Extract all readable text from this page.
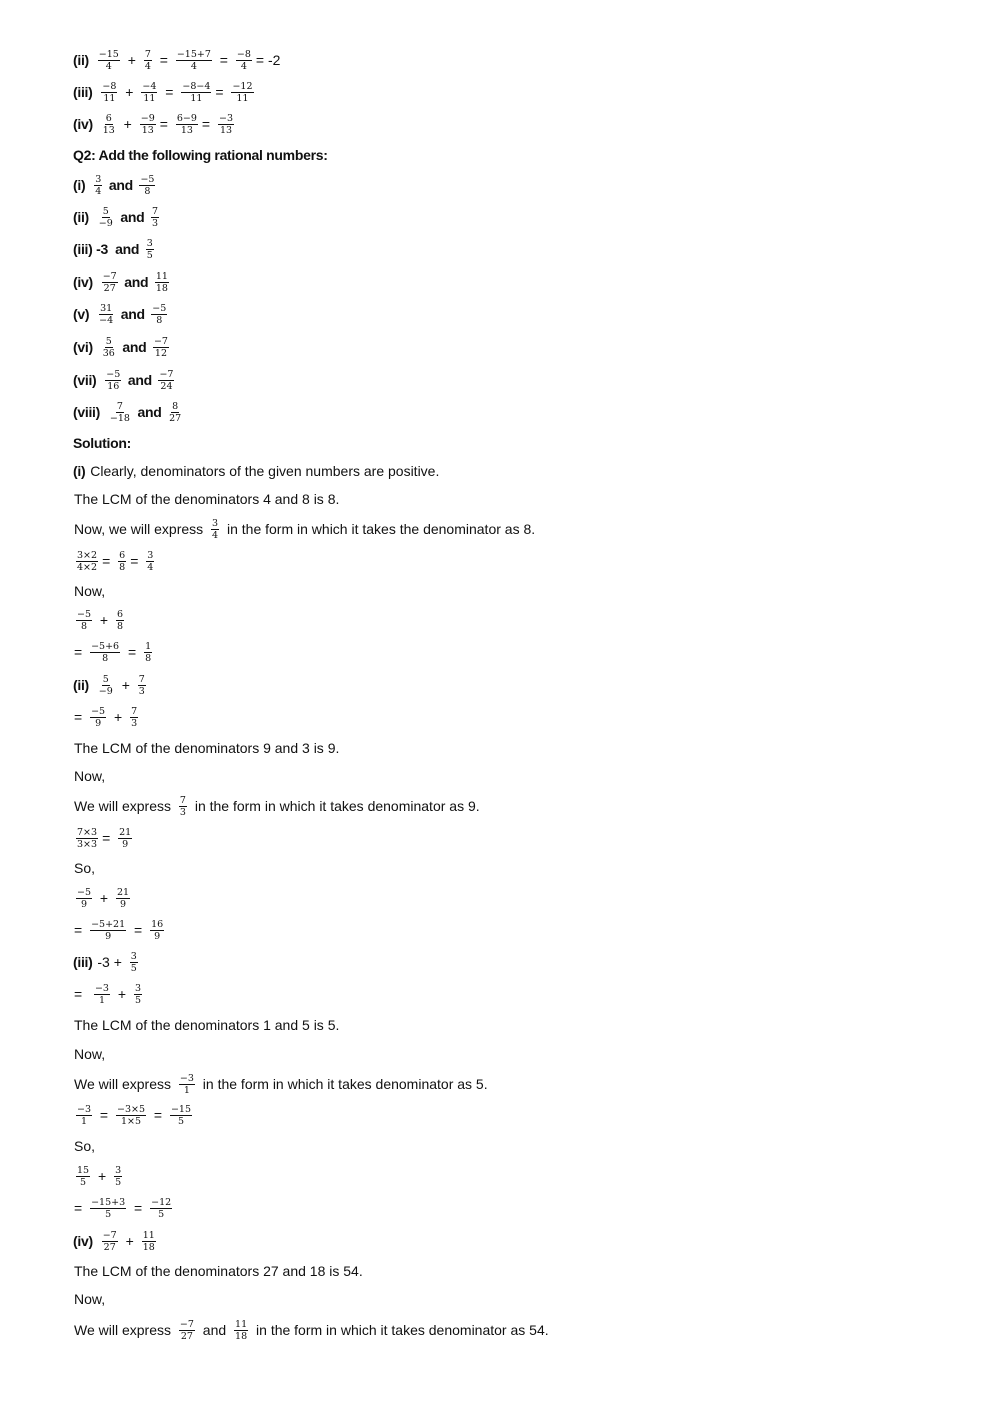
(ii)
$\frac{-15}{4} + \frac{7}{4} = \frac{-15+7}{4} = \frac{-8}{4} = -2$
(iii)
$\frac{-8}{11} + \frac{-4}{11} = \frac{-8-4}{11} = \frac{-12}{11}$
(iv)
$\frac{6}{13} + \frac{-9}{13} = \frac{6-9}{13} = \frac{-3}{13}$
Q2: Add the following rational numbers:
(i)
$\frac{3}{4}$ and $\frac{-5}{8}$
(ii)
$\frac{5}{-9}$ and $\frac{7}{3}$
(iii) -3  and $\frac{3}{5}$
(iv)
$\frac{-7}{27}$ and $\frac{11}{18}$
(v)
$\frac{31}{-4}$ and $\frac{-5}{8}$
(vi)
$\frac{5}{36}$ and $\frac{-7}{12}$
(vii)
$\frac{-5}{16}$ and $\frac{-7}{24}$
(viii)
$\frac{7}{-18}$ and $\frac{8}{27}$
Solution:
(i) Clearly, denominators of the given numbers are positive.
The LCM of the denominators 4 and 8 is 8.
Now, we will express $\frac{3}{4}$ in the form in which it takes the denominator as 8.
$\frac{3\times 2}{4\times 2} = \frac{6}{8} = \frac{3}{4}$
Now,
$\frac{-5}{8} + \frac{6}{8}$
= $\frac{-5+6}{8} = \frac{1}{8}$
(ii)
$\frac{5}{-9} + \frac{7}{3}$
= $\frac{-5}{9} + \frac{7}{3}$
The LCM of the denominators 9 and 3 is 9.
Now,
We will express $\frac{7}{3}$ in the form in which it takes denominator as 9.
$\frac{7\times 3}{3\times 3} = \frac{21}{9}$
So,
$\frac{-5}{9} + \frac{21}{9}$
= $\frac{-5+21}{9} = \frac{16}{9}$
(iii) $-3 + \frac{3}{5}$
= $\frac{-3}{1} + \frac{3}{5}$
The LCM of the denominators 1 and 5 is 5.
Now,
We will express $\frac{-3}{1}$ in the form in which it takes denominator as 5.
$\frac{-3}{1} = \frac{-3\times 5}{1\times 5} = \frac{-15}{5}$
So,
$\frac{15}{5} + \frac{3}{5}$
= $\frac{-15+3}{5} = \frac{-12}{5}$
(iv)
$\frac{-7}{27} + \frac{11}{18}$
The LCM of the denominators 27 and 18 is 54.
Now,
We will express $\frac{-7}{27}$ and $\frac{11}{18}$ in the form in which it takes denominator as 54.
